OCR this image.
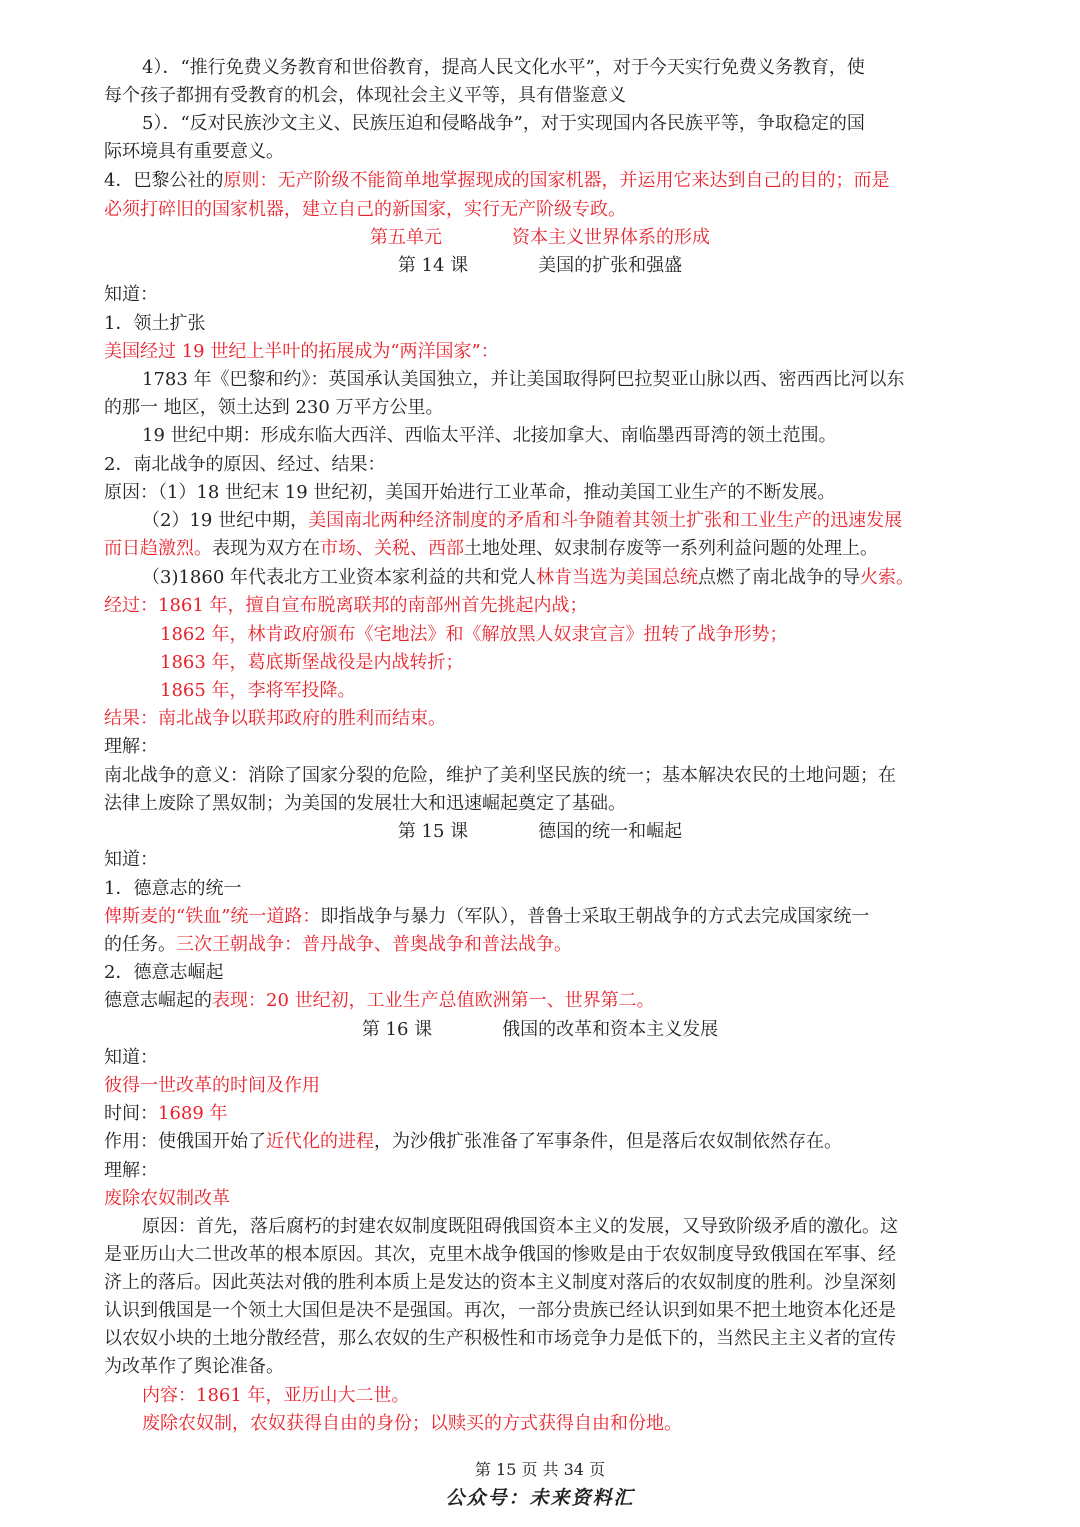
4）．“推行免费义务教育和世俗教育，提高人民文化水平”，对于今天实行免费义务教育，使
每个孩子都拥有受教育的机会，体现社会主义平等，具有借鉴意义
5）．“反对民族沙文主义、民族压迫和侵略战争”，对于实现国内各民族平等，争取稳定的国
际环境具有重要意义。
4．巴黎公社的原则：无产阶级不能简单地掌握现成的国家机器，并运用它来达到自己的目的；而是
必须打碎旧的国家机器，建立自己的新国家，实行无产阶级专政。
第五单元	资本主义世界体系的形成
第 14 课	美国的扩张和强盛
知道：
1．领土扩张
美国经过 19 世纪上半叶的拓展成为“两洋国家”：
1783 年《巴黎和约》：英国承认美国独立，并让美国取得阿巴拉契亚山脉以西、密西西比河以东
的那一 地区，领土达到 230 万平方公里。
19 世纪中期：形成东临大西洋、西临太平洋、北接加拿大、南临墨西哥湾的领土范围。
2．南北战争的原因、经过、结果：
原因：（1）18 世纪末 19 世纪初，美国开始进行工业革命，推动美国工业生产的不断发展。
（2）19 世纪中期，美国南北两种经济制度的矛盾和斗争随着其领土扩张和工业生产的迅速发展
而日趋激烈。表现为双方在市场、关税、西部土地处理、奴隶制存废等一系列利益问题的处理上。
（3)1860 年代表北方工业资本家利益的共和党人林肯当选为美国总统点燃了南北战争的导火索。
经过：1861 年，擅自宣布脱离联邦的南部州首先挑起内战；
1862 年，林肯政府颁布《宅地法》和《解放黑人奴隶宣言》扭转了战争形势；
1863 年，葛底斯堡战役是内战转折；
1865 年，李将军投降。
结果：南北战争以联邦政府的胜利而结束。
理解：
南北战争的意义：消除了国家分裂的危险，维护了美利坚民族的统一；基本解决农民的土地问题；在
法律上废除了黑奴制；为美国的发展壮大和迅速崛起奠定了基础。
第 15 课	德国的统一和崛起
知道：
1．德意志的统一
俾斯麦的“铁血”统一道路：即指战争与暴力（军队），普鲁士采取王朝战争的方式去完成国家统一
的任务。三次王朝战争：普丹战争、普奥战争和普法战争。
2．德意志崛起
德意志崛起的表现：20 世纪初，工业生产总值欧洲第一、世界第二。
第 16 课	俄国的改革和资本主义发展
知道：
彼得一世改革的时间及作用
时间：1689 年
作用：使俄国开始了近代化的进程，为沙俄扩张准备了军事条件，但是落后农奴制依然存在。
理解：
废除农奴制改革
原因：首先，落后腐朽的封建农奴制度既阻碍俄国资本主义的发展，又导致阶级矛盾的激化。这
是亚历山大二世改革的根本原因。其次，克里木战争俄国的惨败是由于农奴制度导致俄国在军事、经
济上的落后。因此英法对俄的胜利本质上是发达的资本主义制度对落后的农奴制度的胜利。沙皇深刻
认识到俄国是一个领土大国但是决不是强国。再次，一部分贵族已经认识到如果不把土地资本化还是
以农奴小块的土地分散经营，那么农奴的生产积极性和市场竞争力是低下的，当然民主主义者的宣传
为改革作了舆论准备。
内容：1861 年，亚历山大二世。
废除农奴制，农奴获得自由的身份；以赎买的方式获得自由和份地。
第 15 页 共 34 页
公众号：未来资料汇
